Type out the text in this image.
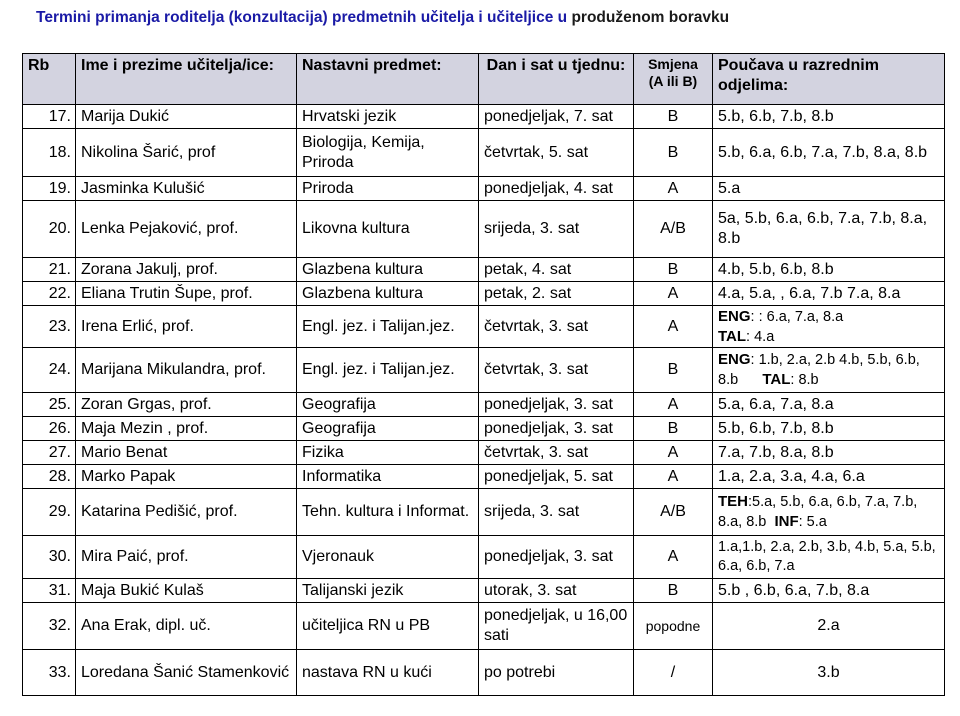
Termini primanja roditelja (konzultacija) predmetnih učitelja i učiteljice u produženom boravku
Rb	Ime i prezime učitelja/ice:	Nastavni predmet:	Dan i sat u tjednu:	Smjena (A ili B)	Poučava u razrednim odjelima:
17.	Marija Dukić	Hrvatski jezik	ponedjeljak, 7. sat	B	5.b, 6.b, 7.b, 8.b
18.	Nikolina Šarić, prof	Biologija, Kemija, Priroda	četvrtak, 5. sat	B	5.b, 6.a, 6.b, 7.a, 7.b, 8.a, 8.b
19.	Jasminka Kulušić	Priroda	ponedjeljak, 4. sat	A	5.a
20.	Lenka Pejaković, prof.	Likovna kultura	srijeda, 3. sat	A/B	5a, 5.b, 6.a, 6.b, 7.a, 7.b, 8.a, 8.b
21.	Zorana Jakulj, prof.	Glazbena kultura	petak, 4. sat	B	4.b, 5.b, 6.b, 8.b
22.	Eliana Trutin Šupe, prof.	Glazbena kultura	petak, 2. sat	A	4.a, 5.a, , 6.a, 7.b 7.a, 8.a
23.	Irena Erlić, prof.	Engl. jez. i Talijan.jez.	četvrtak, 3. sat	A	ENG: : 6.a, 7.a, 8.a
TAL: 4.a
24.	Marijana Mikulandra, prof.	Engl. jez. i Talijan.jez.	četvrtak, 3. sat	B	ENG: 1.b, 2.a, 2.b 4.b, 5.b, 6.b, 8.b      TAL: 8.b
25.	Zoran Grgas, prof.	Geografija	ponedjeljak, 3. sat	A	5.a, 6.a, 7.a, 8.a
26.	Maja Mezin , prof.	Geografija	ponedjeljak, 3. sat	B	5.b, 6.b, 7.b, 8.b
27.	Mario Benat	Fizika	četvrtak, 3. sat	A	7.a, 7.b, 8.a, 8.b
28.	Marko Papak	Informatika	ponedjeljak, 5. sat	A	1.a, 2.a, 3.a, 4.a, 6.a
29.	Katarina Pedišić, prof.	Tehn. kultura i Informat.	srijeda, 3. sat	A/B	TEH:5.a, 5.b, 6.a, 6.b, 7.a, 7.b, 8.a, 8.b  INF: 5.a
30.	Mira Paić, prof.	Vjeronauk	ponedjeljak, 3. sat	A	1.a,1.b, 2.a, 2.b, 3.b, 4.b, 5.a, 5.b, 6.a, 6.b, 7.a
31.	Maja Bukić Kulaš	Talijanski jezik	utorak, 3. sat	B	5.b , 6.b, 6.a, 7.b, 8.a
32.	Ana Erak, dipl. uč.	učiteljica RN u PB	ponedjeljak, u 16,00 sati	popodne	2.a
33.	Loredana Šanić Stamenković	nastava RN u kući	po potrebi	/	3.b
